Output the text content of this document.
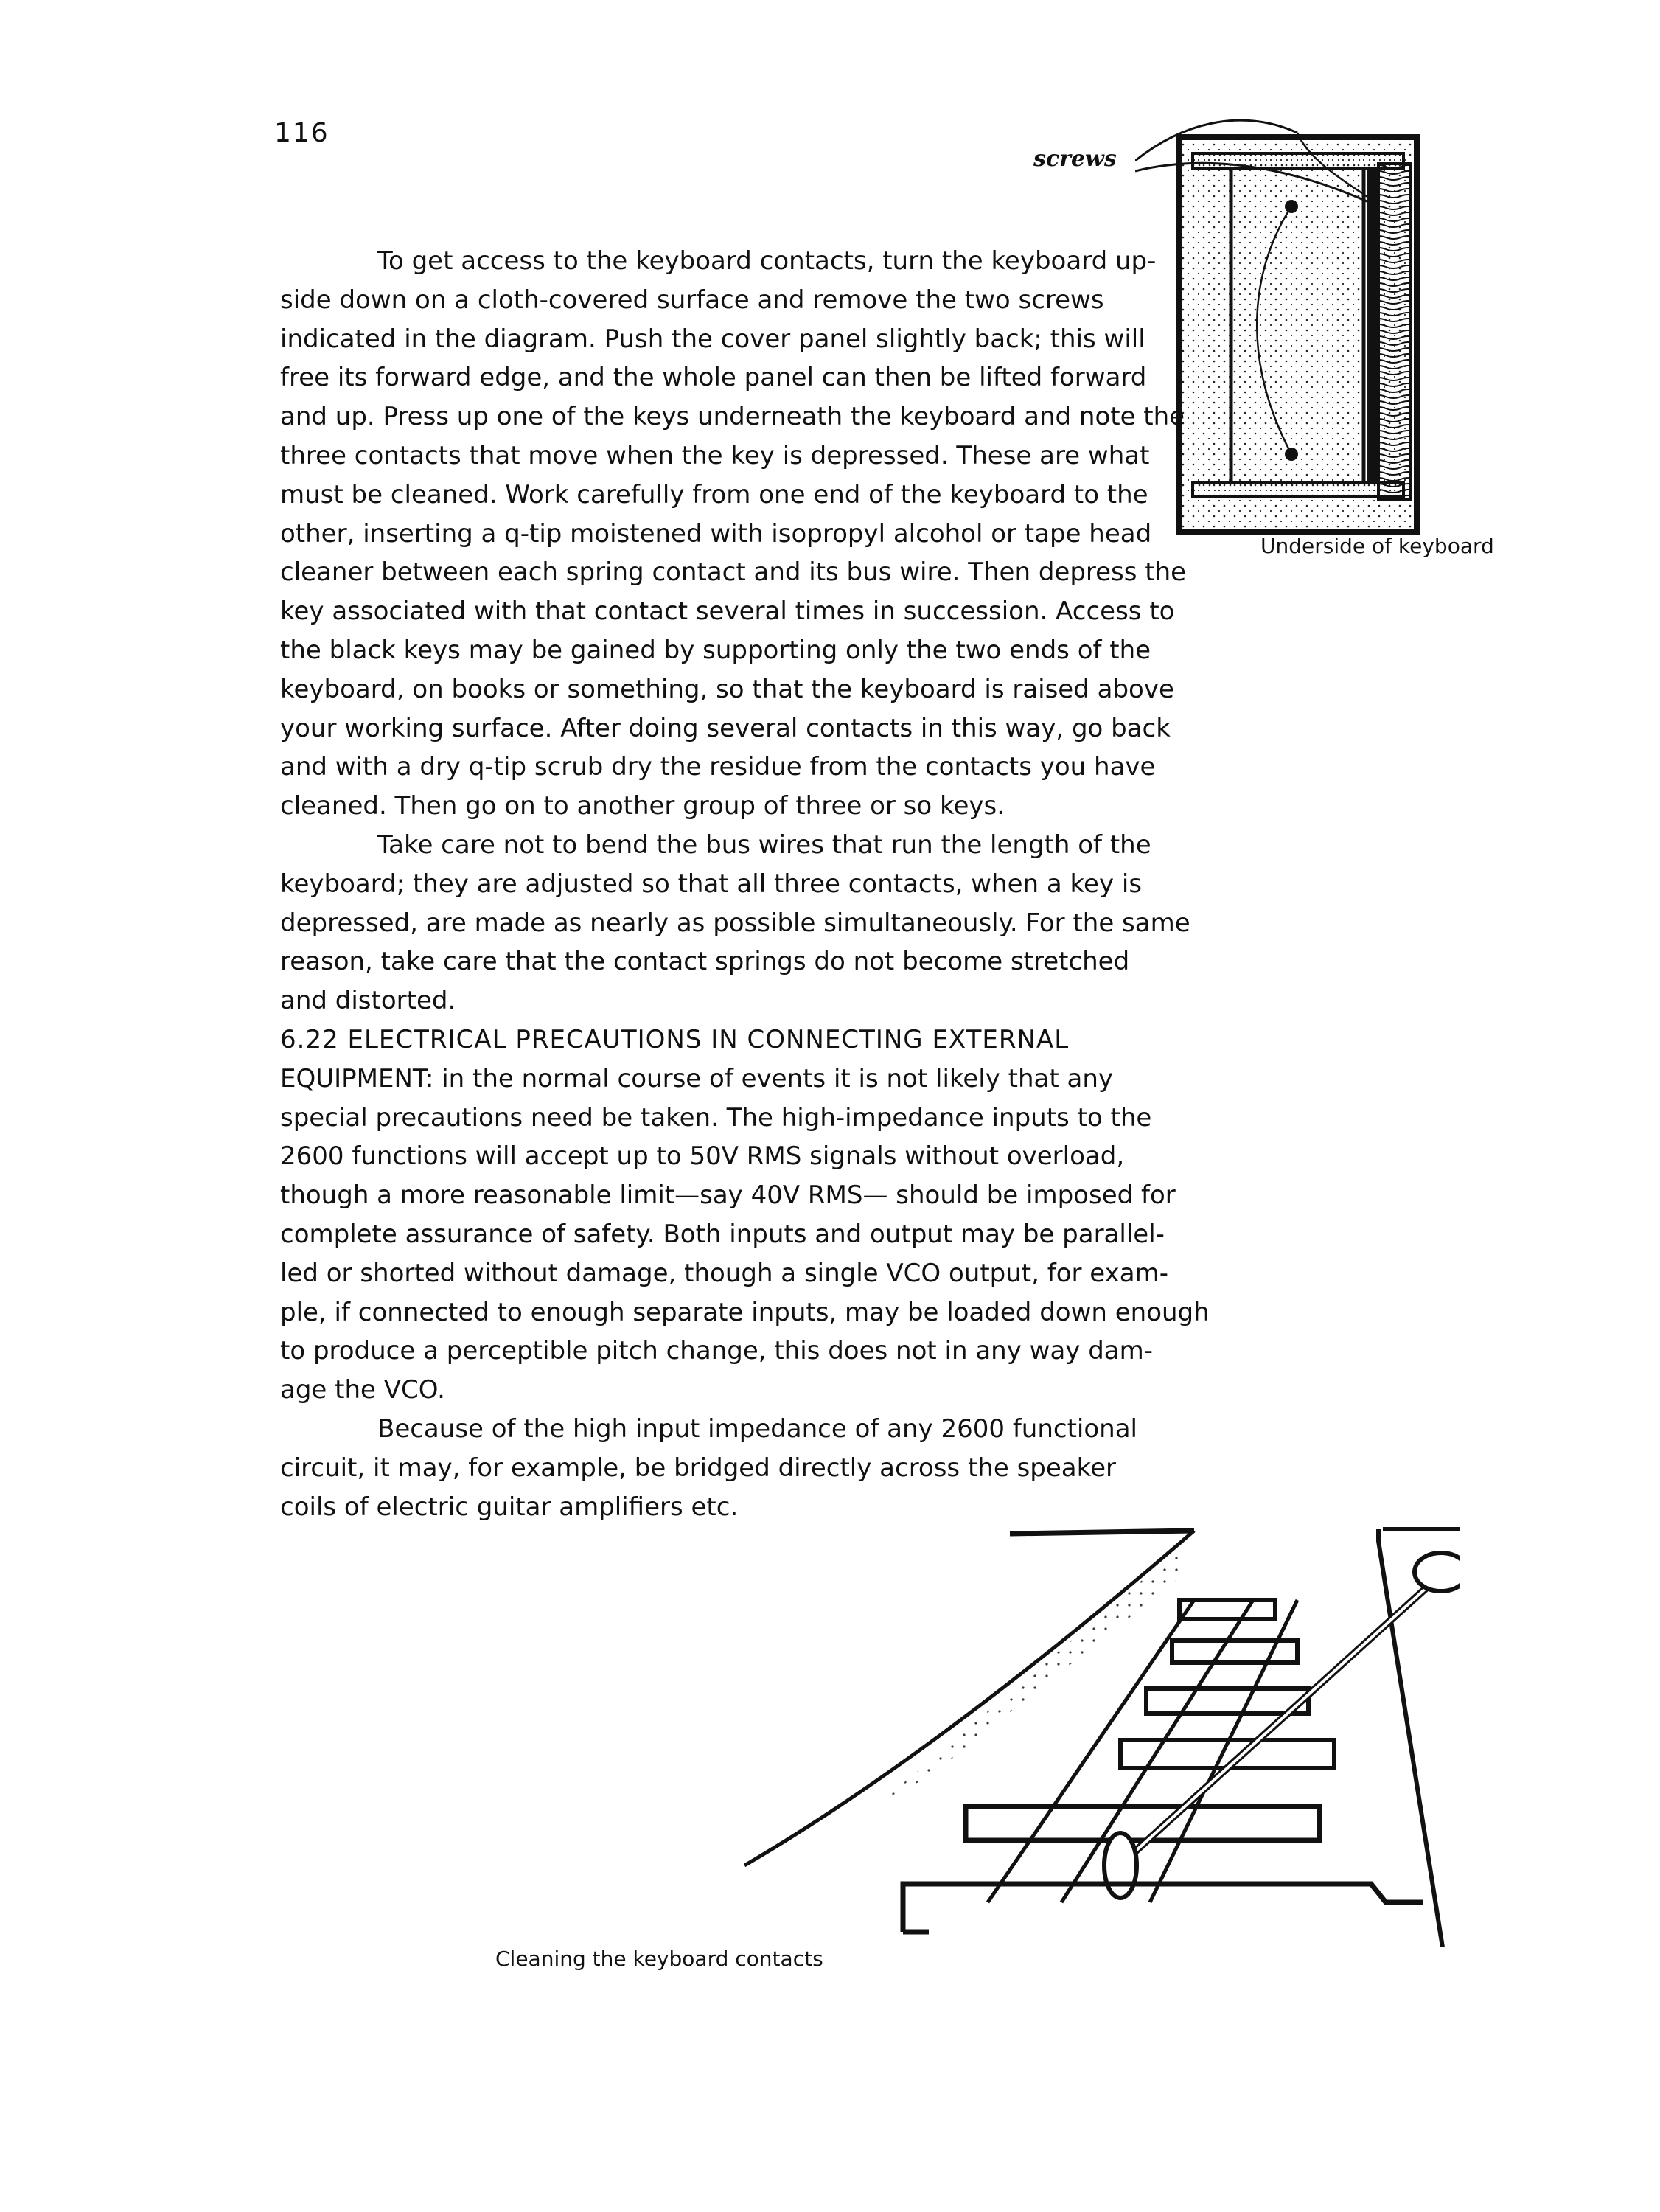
116
screws
Underside of keyboard

To get access to the keyboard contacts, turn the keyboard up-
side down on a cloth-covered surface and remove the two screws
indicated in the diagram. Push the cover panel slightly back; this will
free its forward edge, and the whole panel can then be lifted forward
and up. Press up one of the keys underneath the keyboard and note the
three contacts that move when the key is depressed. These are what
must be cleaned. Work carefully from one end of the keyboard to the
other, inserting a q-tip moistened with isopropyl alcohol or tape head
cleaner between each spring contact and its bus wire. Then depress the
key associated with that contact several times in succession. Access to
the black keys may be gained by supporting only the two ends of the
keyboard, on books or something, so that the keyboard is raised above
your working surface. After doing several contacts in this way, go back
and with a dry q-tip scrub dry the residue from the contacts you have
cleaned. Then go on to another group of three or so keys.

Take care not to bend the bus wires that run the length of the
keyboard; they are adjusted so that all three contacts, when a key is
depressed, are made as nearly as possible simultaneously. For the same
reason, take care that the contact springs do not become stretched
and distorted.

6.22 ELECTRICAL PRECAUTIONS IN CONNECTING EXTERNAL
EQUIPMENT: in the normal course of events it is not likely that any
special precautions need be taken. The high-impedance inputs to the
2600 functions will accept up to 50V RMS signals without overload,
though a more reasonable limit—say 40V RMS— should be imposed for
complete assurance of safety. Both inputs and output may be parallel-
led or shorted without damage, though a single VCO output, for exam-
ple, if connected to enough separate inputs, may be loaded down enough
to produce a perceptible pitch change, this does not in any way dam-
age the VCO.

Because of the high input impedance of any 2600 functional
circuit, it may, for example, be bridged directly across the speaker
coils of electric guitar amplifiers etc.

Cleaning the keyboard contacts
